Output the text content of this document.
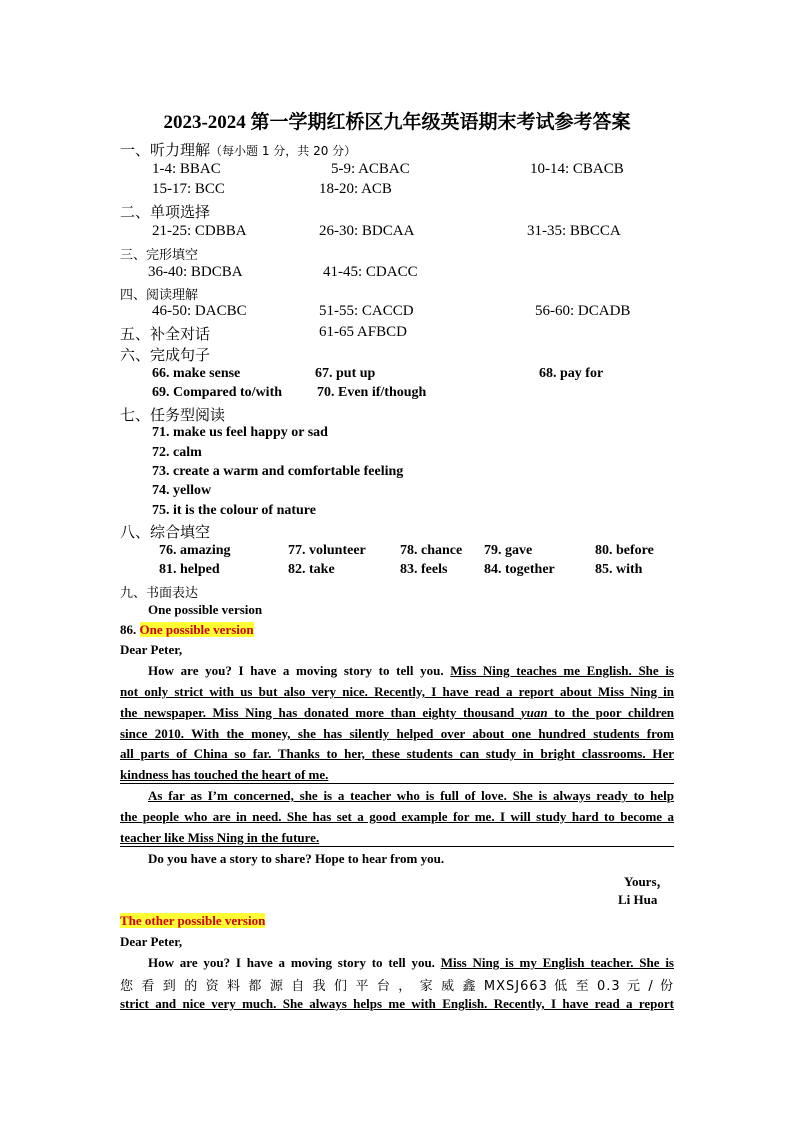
2023-2024 第一学期红桥区九年级英语期末考试参考答案
一、听力理解（每小题 1 分，共 20 分）
1-4: BBAC	5-9: ACBAC	10-14: CBACB
15-17: BCC	18-20: ACB
二、单项选择
21-25: CDBBA	26-30: BDCAA	31-35: BBCCA
三、完形填空
36-40: BDCBA	41-45: CDACC
四、阅读理解
46-50: DACBC	51-55: CACCD	56-60: DCADB
五、补全对话	61-65 AFBCD
六、完成句子
66. make sense	67. put up	68. pay for
69. Compared to/with 70. Even if/though
七、任务型阅读
71. make us feel happy or sad
72. calm
73. create a warm and comfortable feeling
74. yellow
75. it is the colour of nature
八、综合填空
76. amazing	77. volunteer 78. chance 79. gave	80. before
81. helped	82. take	83. feels	84. together	85. with
九、书面表达
One possible version
86. One possible version
Dear Peter,
How are you? I have a moving story to tell you. Miss Ning teaches me English. She is
not only strict with us but also very nice. Recently, I have read a report about Miss Ning in
the newspaper. Miss Ning has donated more than eighty thousand yuan to the poor children
since 2010. With the money, she has silently helped over about one hundred students from
all parts of China so far. Thanks to her, these students can study in bright classrooms. Her
kindness has touched the heart of me.
As far as I’m concerned, she is a teacher who is full of love. She is always ready to help
the people who are in need. She has set a good example for me. I will study hard to become a
teacher like Miss Ning in the future.
Do you have a story to share? Hope to hear from you.
Yours，
Li Hua
The other possible version
Dear Peter,
How are you? I have a moving story to tell you. Miss Ning is my English teacher. She is
您 看 到 的 资 料 都 源 自 我 们 平 台 ， 家 威 鑫 MXSJ663 低 至 0.3 元 / 份
strict and nice very much. She always helps me with English. Recently, I have read a report
